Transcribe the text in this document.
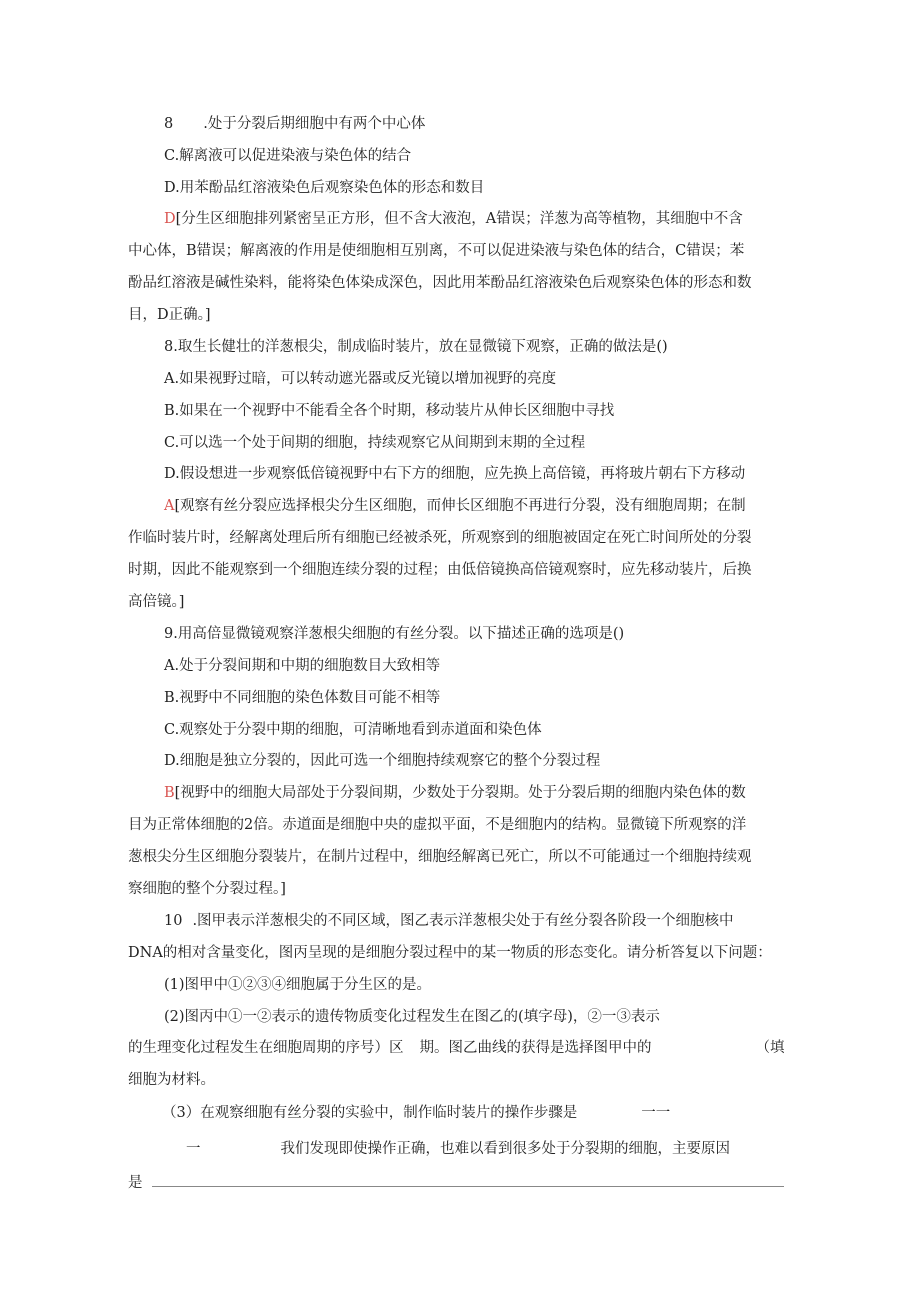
8 .处于分裂后期细胞中有两个中心体
C.解离液可以促进染液与染色体的结合
D.用苯酚品红溶液染色后观察染色体的形态和数目
D[分生区细胞排列紧密呈正方形，但不含大液泡，A错误；洋葱为高等植物，其细胞中不含
中心体，B错误；解离液的作用是使细胞相互别离，不可以促进染液与染色体的结合，C错误；苯
酚品红溶液是碱性染料，能将染色体染成深色，因此用苯酚品红溶液染色后观察染色体的形态和数
目，D正确。]
8.取生长健壮的洋葱根尖，制成临时装片，放在显微镜下观察，正确的做法是()
A.如果视野过暗，可以转动遮光器或反光镜以增加视野的亮度
B.如果在一个视野中不能看全各个时期，移动装片从伸长区细胞中寻找
C.可以选一个处于间期的细胞，持续观察它从间期到末期的全过程
D.假设想进一步观察低倍镜视野中右下方的细胞，应先换上高倍镜，再将玻片朝右下方移动
A[观察有丝分裂应选择根尖分生区细胞，而伸长区细胞不再进行分裂，没有细胞周期；在制
作临时装片时，经解离处理后所有细胞已经被杀死，所观察到的细胞被固定在死亡时间所处的分裂
时期，因此不能观察到一个细胞连续分裂的过程；由低倍镜换高倍镜观察时，应先移动装片，后换
高倍镜。]
9.用高倍显微镜观察洋葱根尖细胞的有丝分裂。以下描述正确的选项是()
A.处于分裂间期和中期的细胞数目大致相等
B.视野中不同细胞的染色体数目可能不相等
C.观察处于分裂中期的细胞，可清晰地看到赤道面和染色体
D.细胞是独立分裂的，因此可选一个细胞持续观察它的整个分裂过程
B[视野中的细胞大局部处于分裂间期，少数处于分裂期。处于分裂后期的细胞内染色体的数
目为正常体细胞的2倍。赤道面是细胞中央的虚拟平面，不是细胞内的结构。显微镜下所观察的洋
葱根尖分生区细胞分裂装片，在制片过程中，细胞经解离已死亡，所以不可能通过一个细胞持续观
察细胞的整个分裂过程。]
10 .图甲表示洋葱根尖的不同区域，图乙表示洋葱根尖处于有丝分裂各阶段一个细胞核中
DNA的相对含量变化，图丙呈现的是细胞分裂过程中的某一物质的形态变化。请分析答复以下问题：
(1)图甲中①②③④细胞属于分生区的是。
(2)图丙中①一②表示的遗传物质变化过程发生在图乙的(填字母)，②一③表示
的生理变化过程发生在细胞周期的序号）区 期。图乙曲线的获得是选择图甲中的	（填
细胞为材料。
（3）在观察细胞有丝分裂的实验中，制作临时装片的操作步骤是	一一
一	我们发现即使操作正确，也难以看到很多处于分裂期的细胞，主要原因
是
